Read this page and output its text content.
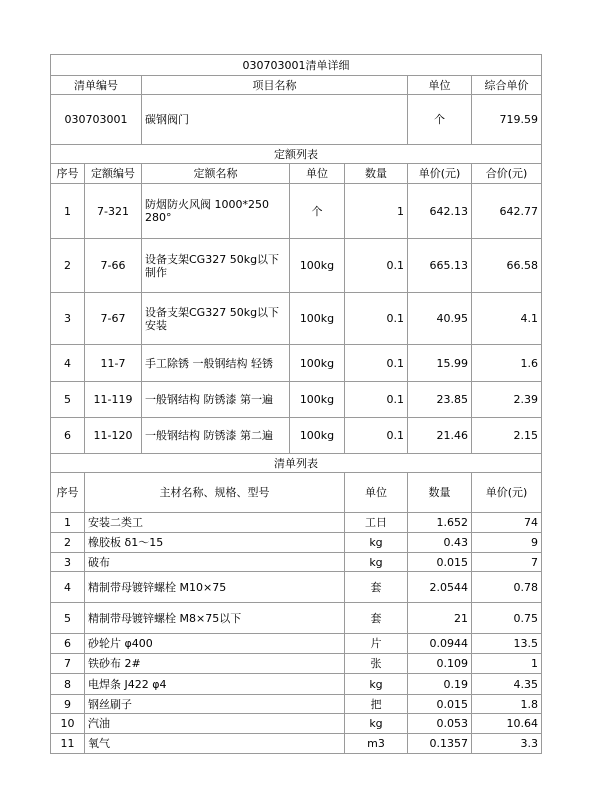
030703001清单详细							
清单编号		项目名称			单位	综合单价	
030703001		碳钢阀门			个	719.59	
定额列表							
序号	定额编号	定额名称	单位	数量	单价(元)	合价(元)	
1	7-321	防烟防火风阀 1000*250 280°	个	1	642.13	642.77	
2	7-66	设备支架CG327 50kg以下制作	100kg	0.1	665.13	66.58	
3	7-67	设备支架CG327 50kg以下安装	100kg	0.1	40.95	4.1	
4	11-7	手工除锈 一般钢结构 轻锈	100kg	0.1	15.99	1.6	
5	11-119	一般钢结构 防锈漆 第一遍	100kg	0.1	23.85	2.39	
6	11-120	一般钢结构 防锈漆 第二遍	100kg	0.1	21.46	2.15	
清单列表							
序号	主材名称、规格、型号			单位	数量	单价(元)	
1	安装二类工			工日	1.652	74	
2	橡胶板 δ1～15			kg	0.43	9	
3	破布			kg	0.015	7	
4	精制带母镀锌螺栓 M10×75			套	2.0544	0.78	
5	精制带母镀锌螺栓 M8×75以下			套	21	0.75	
6	砂轮片 φ400			片	0.0944	13.5	
7	铁砂布 2#			张	0.109	1	
8	电焊条 J422 φ4			kg	0.19	4.35	
9	钢丝刷子			把	0.015	1.8	
10	汽油			kg	0.053	10.64	
11	氧气			m3	0.1357	3.3	
